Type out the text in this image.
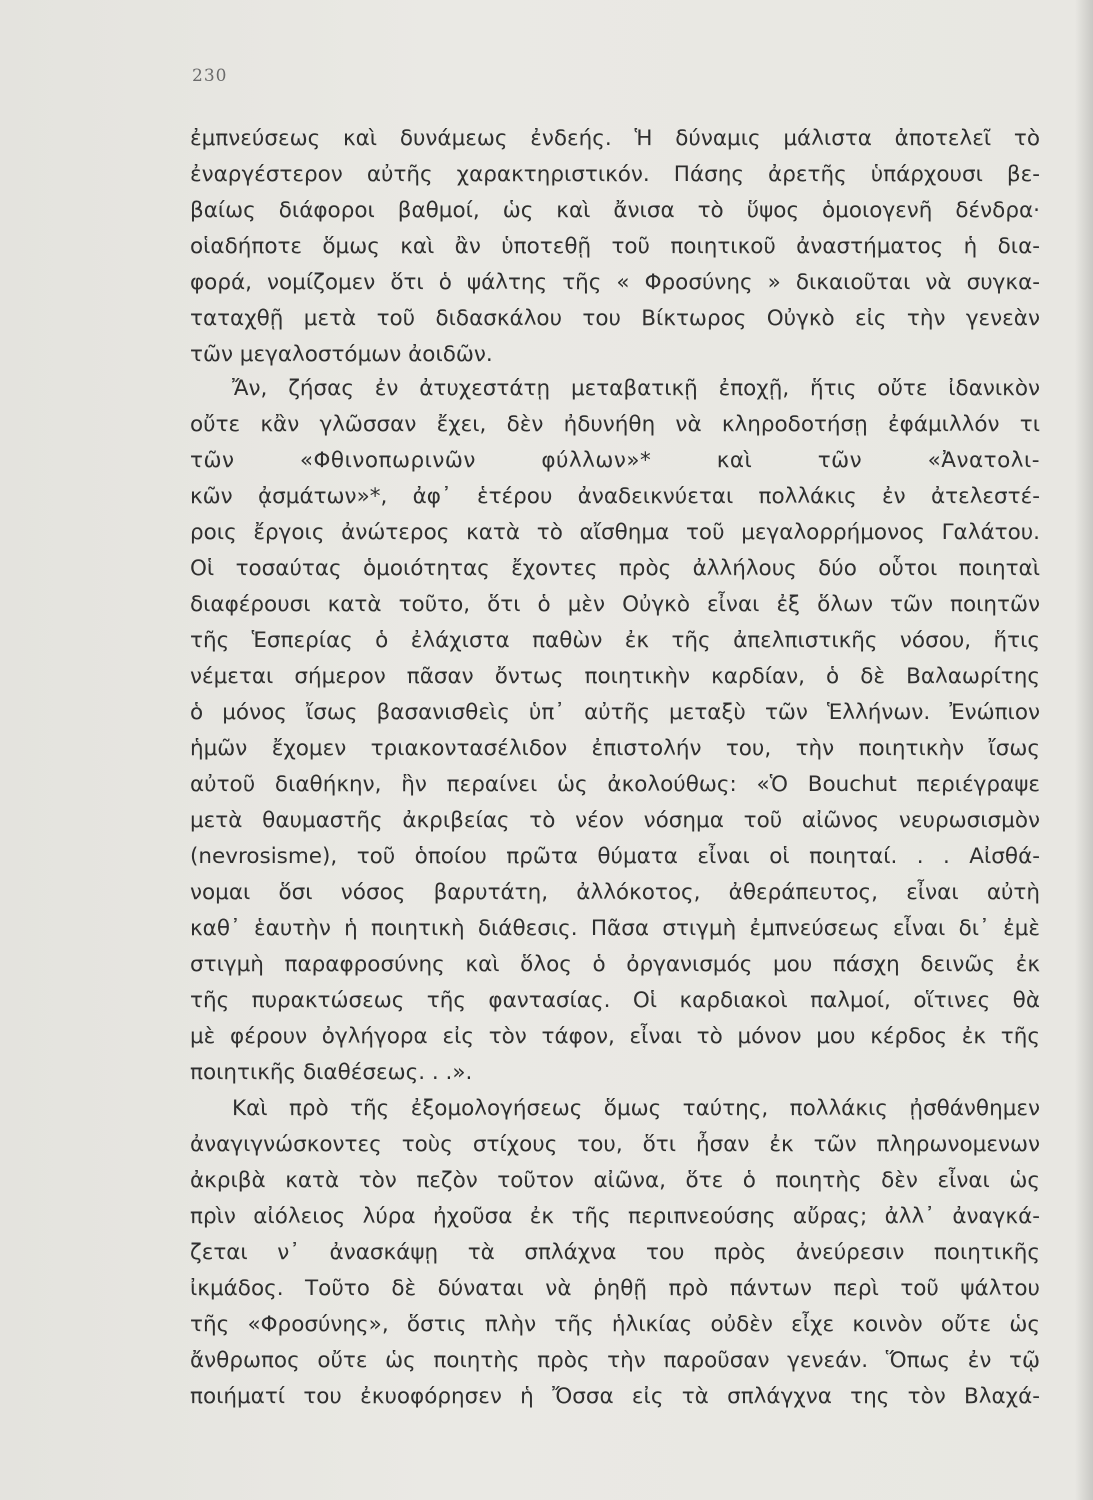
230
ἐμπνεύσεως καὶ δυνάμεως ἐνδεής. Ἡ δύναμις μάλιστα ἀποτελεῖ τὸ
ἐναργέστερον αὐτῆς χαρακτηριστικόν. Πάσης ἀρετῆς ὑπάρχουσι βε-
βαίως διάφοροι βαθμοί, ὡς καὶ ἄνισα τὸ ὕψος ὁμοιογενῆ δένδρα·
οἱαδήποτε ὅμως καὶ ἂν ὑποτεθῇ τοῦ ποιητικοῦ ἀναστήματος ἡ δια-
φορά, νομίζομεν ὅτι ὁ ψάλτης τῆς « Φροσύνης » δικαιοῦται νὰ συγκα-
ταταχθῇ μετὰ τοῦ διδασκάλου του Βίκτωρος Οὐγκὸ εἰς τὴν γενεὰν
τῶν μεγαλοστόμων ἀοιδῶν.
Ἄν, ζήσας ἐν ἀτυχεστάτῃ μεταβατικῇ ἐποχῇ, ἥτις οὔτε ἰδανικὸν
οὔτε κἂν γλῶσσαν ἔχει, δὲν ἠδυνήθη νὰ κληροδοτήσῃ ἐφάμιλλόν τι
τῶν «Φθινοπωρινῶν φύλλων»* καὶ τῶν «Ἀνατολι-
κῶν ᾀσμάτων»*, ἀφ᾽ ἑτέρου ἀναδεικνύεται πολλάκις ἐν ἀτελεστέ-
ροις ἔργοις ἀνώτερος κατὰ τὸ αἴσθημα τοῦ μεγαλορρήμονος Γαλάτου.
Οἱ τοσαύτας ὁμοιότητας ἔχοντες πρὸς ἀλλήλους δύο οὗτοι ποιηταὶ
διαφέρουσι κατὰ τοῦτο, ὅτι ὁ μὲν Οὐγκὸ εἶναι ἐξ ὅλων τῶν ποιητῶν
τῆς Ἑσπερίας ὁ ἐλάχιστα παθὼν ἐκ τῆς ἀπελπιστικῆς νόσου, ἥτις
νέμεται σήμερον πᾶσαν ὄντως ποιητικὴν καρδίαν, ὁ δὲ Βαλαωρίτης
ὁ μόνος ἴσως βασανισθεὶς ὑπ᾽ αὐτῆς μεταξὺ τῶν Ἑλλήνων. Ἐνώπιον
ἡμῶν ἔχομεν τριακοντασέλιδον ἐπιστολήν του, τὴν ποιητικὴν ἴσως
αὐτοῦ διαθήκην, ἣν περαίνει ὡς ἀκολούθως: «Ὁ Bouchut περιέγραψε
μετὰ θαυμαστῆς ἀκριβείας τὸ νέον νόσημα τοῦ αἰῶνος νευρωσισμὸν
(nevrosisme), τοῦ ὁποίου πρῶτα θύματα εἶναι οἱ ποιηταί. . . Αἰσθά-
νομαι ὅσι νόσος βαρυτάτη, ἀλλόκοτος, ἀθεράπευτος, εἶναι αὐτὴ
καθ᾽ ἑαυτὴν ἡ ποιητικὴ διάθεσις. Πᾶσα στιγμὴ ἐμπνεύσεως εἶναι δι᾽ ἐμὲ
στιγμὴ παραφροσύνης καὶ ὅλος ὁ ὀργανισμός μου πάσχη δεινῶς ἐκ
τῆς πυρακτώσεως τῆς φαντασίας. Οἱ καρδιακοὶ παλμοί, οἵτινες θὰ
μὲ φέρουν ὀγλήγορα εἰς τὸν τάφον, εἶναι τὸ μόνον μου κέρδος ἐκ τῆς
ποιητικῆς διαθέσεως. . .».
Καὶ πρὸ τῆς ἐξομολογήσεως ὅμως ταύτης, πολλάκις ᾐσθάνθημεν
ἀναγιγνώσκοντες τοὺς στίχους του, ὅτι ἦσαν ἐκ τῶν πληρωνομενων
ἀκριβὰ κατὰ τὸν πεζὸν τοῦτον αἰῶνα, ὅτε ὁ ποιητὴς δὲν εἶναι ὡς
πρὶν αἰόλειος λύρα ἠχοῦσα ἐκ τῆς περιπνεούσης αὔρας; ἀλλ᾽ ἀναγκά-
ζεται ν᾽ ἀνασκάψῃ τὰ σπλάχνα του πρὸς ἀνεύρεσιν ποιητικῆς
ἰκμάδος. Τοῦτο δὲ δύναται νὰ ῥηθῇ πρὸ πάντων περὶ τοῦ ψάλτου
τῆς «Φροσύνης», ὅστις πλὴν τῆς ἡλικίας οὐδὲν εἶχε κοινὸν οὔτε ὡς
ἄνθρωπος οὔτε ὡς ποιητὴς πρὸς τὴν παροῦσαν γενεάν. Ὅπως ἐν τῷ
ποιήματί του ἐκυοφόρησεν ἡ Ὄσσα εἰς τὰ σπλάγχνα της τὸν Βλαχά-
